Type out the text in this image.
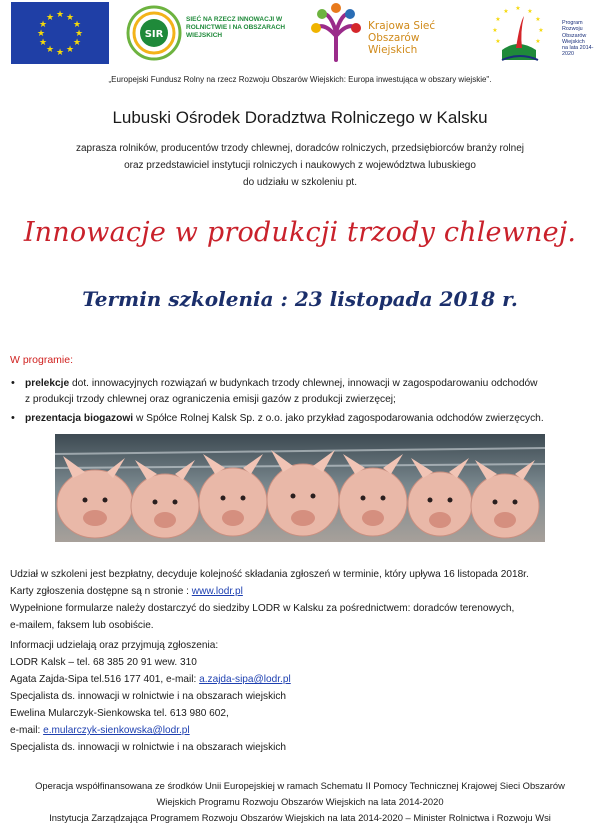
★ ★
★
★
★
★
★
★
★
★
★
★
SIR
SIEĆ NA RZECZ INNOWACJI W ROLNICTWIE I NA OBSZARACH WIEJSKICH
Krajowa Sieć
Obszarów Wiejskich
★ ★
★
★
★
★
★
★
★
Program
Rozwoju
Obszarów
Wiejskich
na lata 2014-2020
„Europejski Fundusz Rolny na rzecz Rozwoju Obszarów Wiejskich: Europa inwestująca w obszary wiejskie".
Lubuski Ośrodek Doradztwa Rolniczego w Kalsku
zaprasza rolników, producentów trzody chlewnej, doradców rolniczych, przedsiębiorców branży rolnej
oraz przedstawiciel instytucji rolniczych i naukowych z województwa lubuskiego
do udziału w szkoleniu pt.
Innowacje w produkcji trzody chlewnej.
Termin szkolenia : 23 listopada 2018 r.
W programie:
• prelekcje dot. innowacyjnych rozwiązań w budynkach trzody chlewnej, innowacji w zagospodarowaniu odchodów
z produkcji trzody chlewnej oraz ograniczenia emisji gazów z produkcji zwierzęcej;
• prezentacja biogazowi w Spółce Rolnej Kalsk Sp. z o.o. jako przykład zagospodarowania odchodów zwierzęcych.
Udział w szkoleni jest bezpłatny, decyduje kolejność składania zgłoszeń w terminie, który upływa 16 listopada 2018r.
Karty zgłoszenia dostępne są n stronie : www.lodr.pl
Wypełnione formularze należy dostarczyć do siedziby LODR w Kalsku za pośrednictwem: doradców terenowych,
e-mailem, faksem lub osobiście.
Informacji udzielają oraz przyjmują zgłoszenia:
LODR Kalsk – tel. 68 385 20 91 wew. 310
Agata Zajda-Sipa tel.516 177 401, e-mail: a.zajda-sipa@lodr.pl
Specjalista ds. innowacji w rolnictwie i na obszarach wiejskich
Ewelina Mularczyk-Sienkowska tel. 613 980 602,
e-mail: e.mularczyk-sienkowska@lodr.pl
Specjalista ds. innowacji w rolnictwie i na obszarach wiejskich
Operacja współfinansowana ze środków Unii Europejskiej w ramach Schematu II Pomocy Technicznej Krajowej Sieci Obszarów
Wiejskich Programu Rozwoju Obszarów Wiejskich na lata 2014-2020
Instytucja Zarządzająca Programem Rozwoju Obszarów Wiejskich na lata 2014-2020 – Minister Rolnictwa i Rozwoju Wsi
